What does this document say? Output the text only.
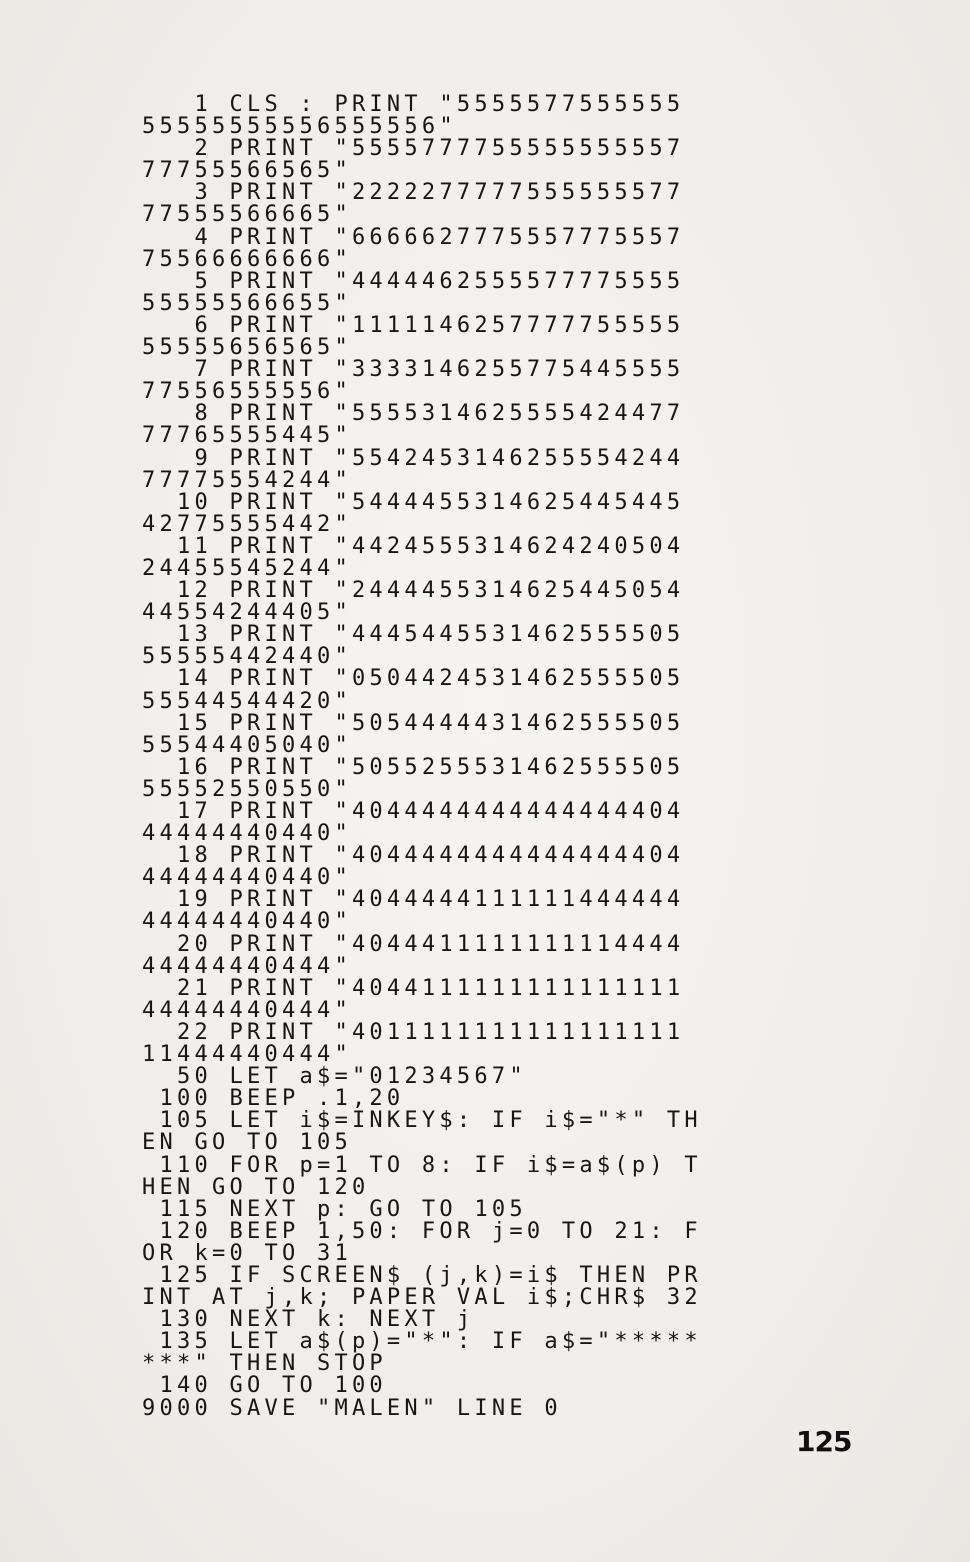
1 CLS : PRINT "5555577555555
55555555556555556"
2 PRINT "5555777755555555557
77755566565"
3 PRINT "2222277777555555577
77555566665"
4 PRINT "6666627775557775557
75566666666"
5 PRINT "4444462555577775555
55555566655"
6 PRINT "1111146257777755555
55555656565"
7 PRINT "3333146255775445555
77556555556"
8 PRINT "5555314625555424477
77765555445"
9 PRINT "5542453146255554244
77775554244"
10 PRINT "5444455314625445445
42775555442"
11 PRINT "4424555314624240504
24455545244"
12 PRINT "2444455314625445054
44554244405"
13 PRINT "4445445531462555505
55555442440"
14 PRINT "0504424531462555505
55544544420"
15 PRINT "5054444431462555505
55544405040"
16 PRINT "5055255531462555505
55552550550"
17 PRINT "4044444444444444404
44444440440"
18 PRINT "4044444444444444404
44444440440"
19 PRINT "4044444111111444444
44444440440"
20 PRINT "4044411111111114444
44444440444"
21 PRINT "4044111111111111111
44444440444"
22 PRINT "4011111111111111111
11444440444"
50 LET a$="01234567"
100 BEEP .1,20
105 LET i$=INKEY$: IF i$="*" TH
EN GO TO 105
110 FOR p=1 TO 8: IF i$=a$(p) T
HEN GO TO 120
115 NEXT p: GO TO 105
120 BEEP 1,50: FOR j=0 TO 21: F
OR k=0 TO 31
125 IF SCREEN$ (j,k)=i$ THEN PR
INT AT j,k; PAPER VAL i$;CHR$ 32
130 NEXT k: NEXT j
135 LET a$(p)="*": IF a$="*****
***" THEN STOP
140 GO TO 100
9000 SAVE "MALEN" LINE 0
125
